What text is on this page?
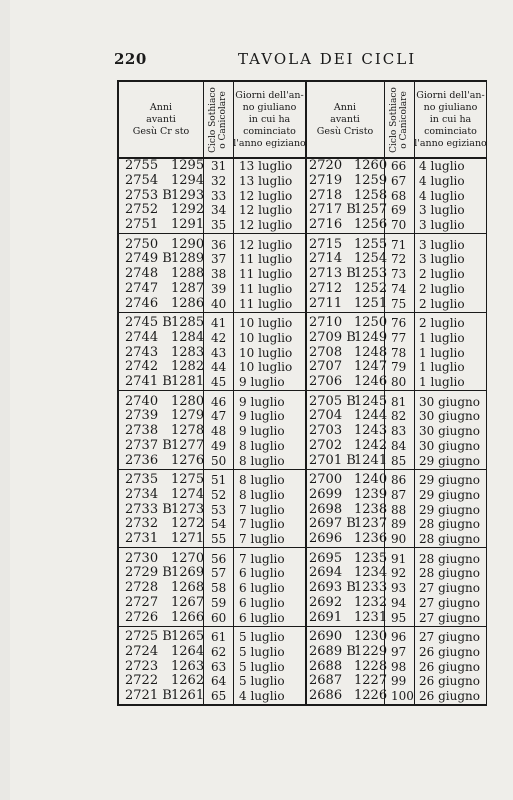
220	TAVOLA DEI CICLI
Anni
avanti
Gesù Cr sto Ciclo Sothiaco o Canicolare Giorni dell'an-
no giuliano
in cui ha
cominciato
l'anno egiziano
Anni
avanti
Gesù Cristo Ciclo Sothiaco o Canicolare Giorni dell'an-
no giuliano
in cui ha
cominciato
l'anno egiziano
2755 1295 31 13 luglio 2720 1260 66 4 luglio
2754 1294 32 13 luglio 2719 1259 67 4 luglio
2753 B 1293 33 12 luglio 2718 1258 68 4 luglio
2752 1292 34 12 luglio 2717 B
1257 69 3 luglio
2751 1291 35 12 luglio 2716 1256 70 3 luglio
2750 1290 36 12 luglio 2715 1255 71 3 luglio
2749 B 1289 37 11 luglio 2714 1254 72 3 luglio
2748 1288 38 11 luglio 2713 B
1253 73 2 luglio
2747 1287 39 11 luglio 2712 1252 74 2 luglio
2746 1286 40 11 luglio 2711 1251 75 2 luglio
2745 B 1285 41 10 luglio 2710 1250 76 2 luglio
2744 1284 42 10 luglio 2709 B
1249 77 1 luglio
2743 1283 43 10 luglio 2708 1248 78 1 luglio
2742 1282 44 10 luglio 2707 1247 79 1 luglio
2741 B 1281 45 9 luglio 2706 1246 80 1 luglio
2740 1280 46 9 luglio 2705 B
1245 81 30 giugno
2739 1279 47 9 luglio 2704 1244 82 30 giugno
2738 1278 48 9 luglio 2703 1243 83 30 giugno
2737 B 1277 49 8 luglio 2702 1242 84 30 giugno
2736 1276 50 8 luglio 2701 B
1241 85 29 giugno
2735 1275 51 8 luglio 2700 1240 86 29 giugno
2734 1274 52 8 luglio 2699 1239 87 29 giugno
2733 B 1273 53 7 luglio 2698 1238 88 29 giugno
2732 1272 54 7 luglio 2697 B
1237 89 28 giugno
2731 1271 55 7 luglio 2696 1236 90 28 giugno
2730 1270 56 7 luglio 2695 1235 91 28 giugno
2729 B 1269 57 6 luglio 2694 1234 92 28 giugno
2728 1268 58 6 luglio 2693 B
1233 93 27 giugno
2727 1267 59 6 luglio 2692 1232 94 27 giugno
2726 1266 60 6 luglio 2691 1231 95 27 giugno
2725 B 1265 61 5 luglio 2690 1230 96 27 giugno
2724 1264 62 5 luglio 2689 B
1229 97 26 giugno
2723 1263 63 5 luglio 2688 1228 98 26 giugno
2722 1262 64 5 luglio 2687 1227 99 26 giugno
2721 B 1261 65 4 luglio 2686 1226 100 26 giugno
